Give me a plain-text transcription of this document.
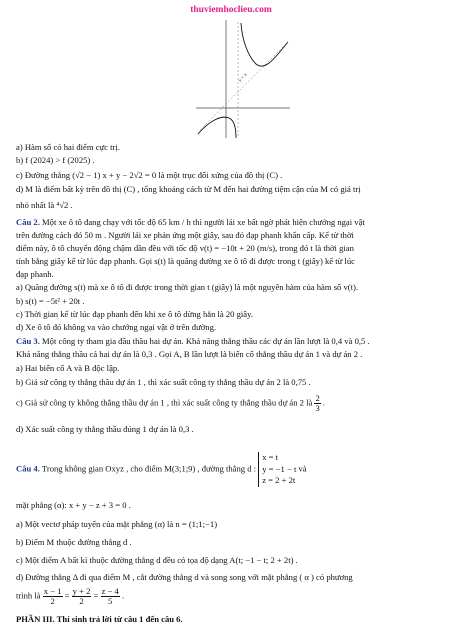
thuviemhoclieu.com
y = x
a) Hàm số có hai điểm cực trị.
b) f (2024) > f (2025) .
c) Đường thẳng (√2 − 1) x + y − 2√2 = 0 là một trục đối xứng của đồ thị (C) .
d) M là điểm bất kỳ trên đồ thị (C) , tổng khoảng cách từ M đến hai đường tiệm cận của M có giá trị
nhỏ nhất là ⁴√2 .
Câu 2. Một xe ô tô đang chạy với tốc độ 65 km / h thì người lái xe bất ngờ phát hiện chướng ngại vật
trên đường cách đó 50 m . Người lái xe phản ứng một giây, sau đó đạp phanh khẩn cấp. Kể từ thời
điểm này, ô tô chuyển động chậm dần đều với tốc độ v(t) = −10t + 20 (m/s), trong đó t là thời gian
tính bằng giây kể từ lúc đạp phanh. Gọi s(t) là quãng đường xe ô tô đi được trong t (giây) kể từ lúc
đạp phanh.
a) Quãng đường s(t) mà xe ô tô đi được trong thời gian t (giây) là một nguyên hàm của hàm số v(t).
b) s(t) = −5t² + 20t .
c) Thời gian kể từ lúc đạp phanh đến khi xe ô tô dừng hẳn là 20 giây.
d) Xe ô tô đó không va vào chướng ngại vật ở trên đường.
Câu 3. Một công ty tham gia đầu thầu hai dự án. Khả năng thắng thầu các dự án lần lượt là 0,4 và 0,5 .
Khả năng thắng thầu cả hai dự án là 0,3 . Gọi A, B lần lượt là biến cố thắng thầu dự án 1 và dự án 2 .
a) Hai biến cố A và B độc lập.
b) Giả sử công ty thắng thầu dự án 1 , thì xác suất công ty thắng thầu dự án 2 là 0,75 .
c) Giả sử công ty không thắng thầu dự án 1 , thì xác suất công ty thắng thầu dự án 2 là $\frac{2}{3}$ .
d) Xác suất công ty thắng thầu đúng 1 dự án là 0,3 .
Câu 4. Trong không gian Oxyz , cho điểm M(3;1;9) , đường thẳng d :
x = t
y = −1 − t
z = 2 + 2t
và
mặt phẳng (α): x + y − z + 3 = 0 .
a) Một vectơ pháp tuyến của mặt phẳng (α) là n = (1;1;−1)
b) Điểm M thuộc đường thẳng d .
c) Một điểm A bất kì thuộc đường thẳng d đều có tọa độ dạng A(t; −1 − t; 2 + 2t) .
d) Đường thẳng Δ đi qua điểm M , cắt đường thẳng d và song song với mặt phẳng ( α ) có phương
trình là $\frac{x - 1}{2} = \frac{y + 2}{2} = \frac{z - 4}{5}$ .
PHẦN III. Thí sinh trả lời từ câu 1 đến câu 6.
